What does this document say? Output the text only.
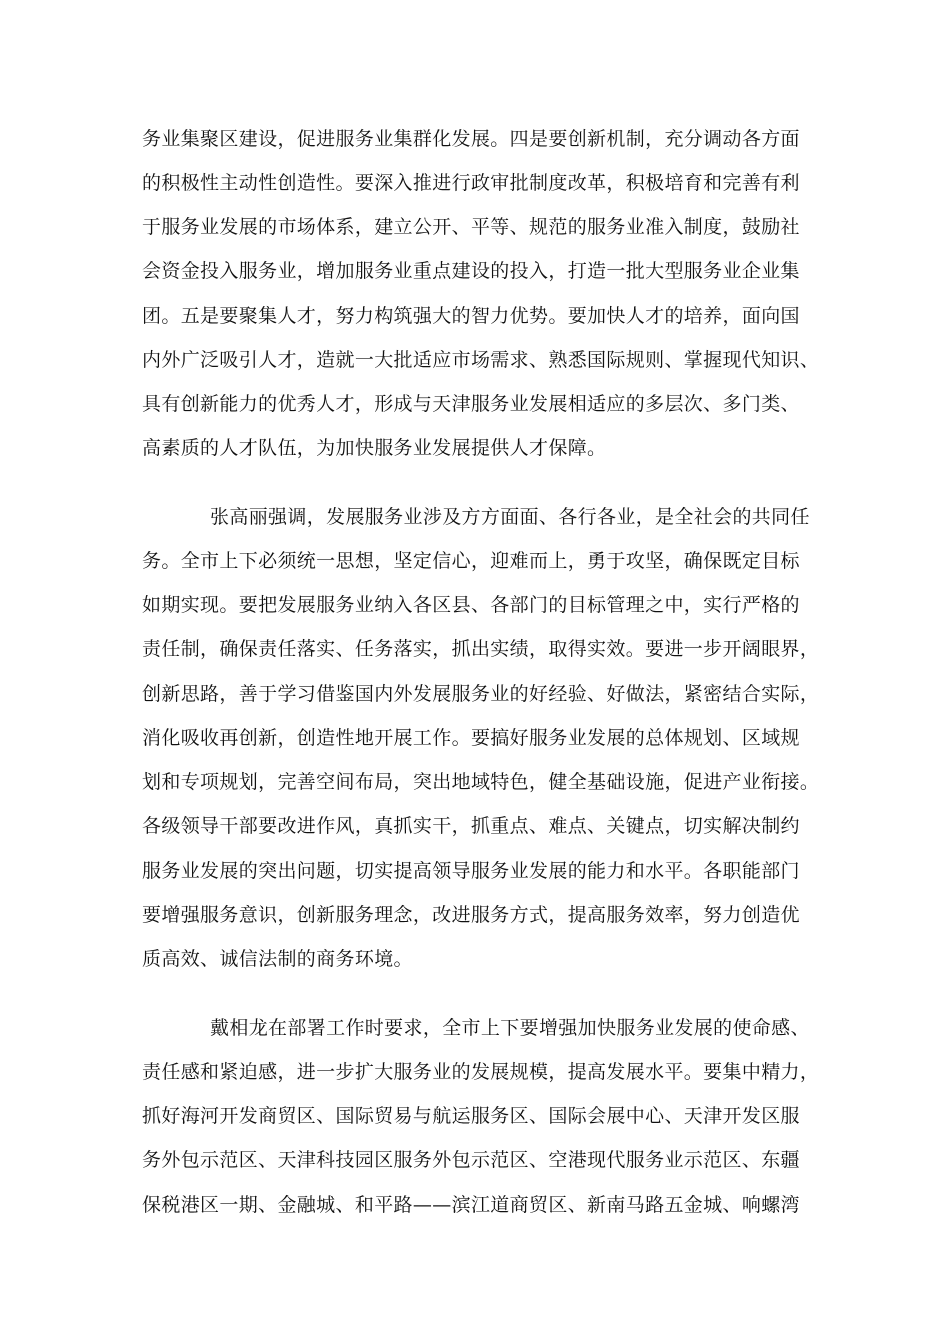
务业集聚区建设，促进服务业集群化发展。四是要创新机制，充分调动各方面

的积极性主动性创造性。要深入推进行政审批制度改革，积极培育和完善有利

于服务业发展的市场体系，建立公开、平等、规范的服务业准入制度，鼓励社

会资金投入服务业，增加服务业重点建设的投入，打造一批大型服务业企业集

团。五是要聚集人才，努力构筑强大的智力优势。要加快人才的培养，面向国

内外广泛吸引人才，造就一大批适应市场需求、熟悉国际规则、掌握现代知识、

具有创新能力的优秀人才，形成与天津服务业发展相适应的多层次、多门类、

高素质的人才队伍，为加快服务业发展提供人才保障。

张高丽强调，发展服务业涉及方方面面、各行各业，是全社会的共同任

务。全市上下必须统一思想，坚定信心，迎难而上，勇于攻坚，确保既定目标

如期实现。要把发展服务业纳入各区县、各部门的目标管理之中，实行严格的

责任制，确保责任落实、任务落实，抓出实绩，取得实效。要进一步开阔眼界，

创新思路，善于学习借鉴国内外发展服务业的好经验、好做法，紧密结合实际，

消化吸收再创新，创造性地开展工作。要搞好服务业发展的总体规划、区域规

划和专项规划，完善空间布局，突出地域特色，健全基础设施，促进产业衔接。

各级领导干部要改进作风，真抓实干，抓重点、难点、关键点，切实解决制约

服务业发展的突出问题，切实提高领导服务业发展的能力和水平。各职能部门

要增强服务意识，创新服务理念，改进服务方式，提高服务效率，努力创造优

质高效、诚信法制的商务环境。

戴相龙在部署工作时要求，全市上下要增强加快服务业发展的使命感、

责任感和紧迫感，进一步扩大服务业的发展规模，提高发展水平。要集中精力，

抓好海河开发商贸区、国际贸易与航运服务区、国际会展中心、天津开发区服

务外包示范区、天津科技园区服务外包示范区、空港现代服务业示范区、东疆

保税港区一期、金融城、和平路——滨江道商贸区、新南马路五金城、响螺湾
